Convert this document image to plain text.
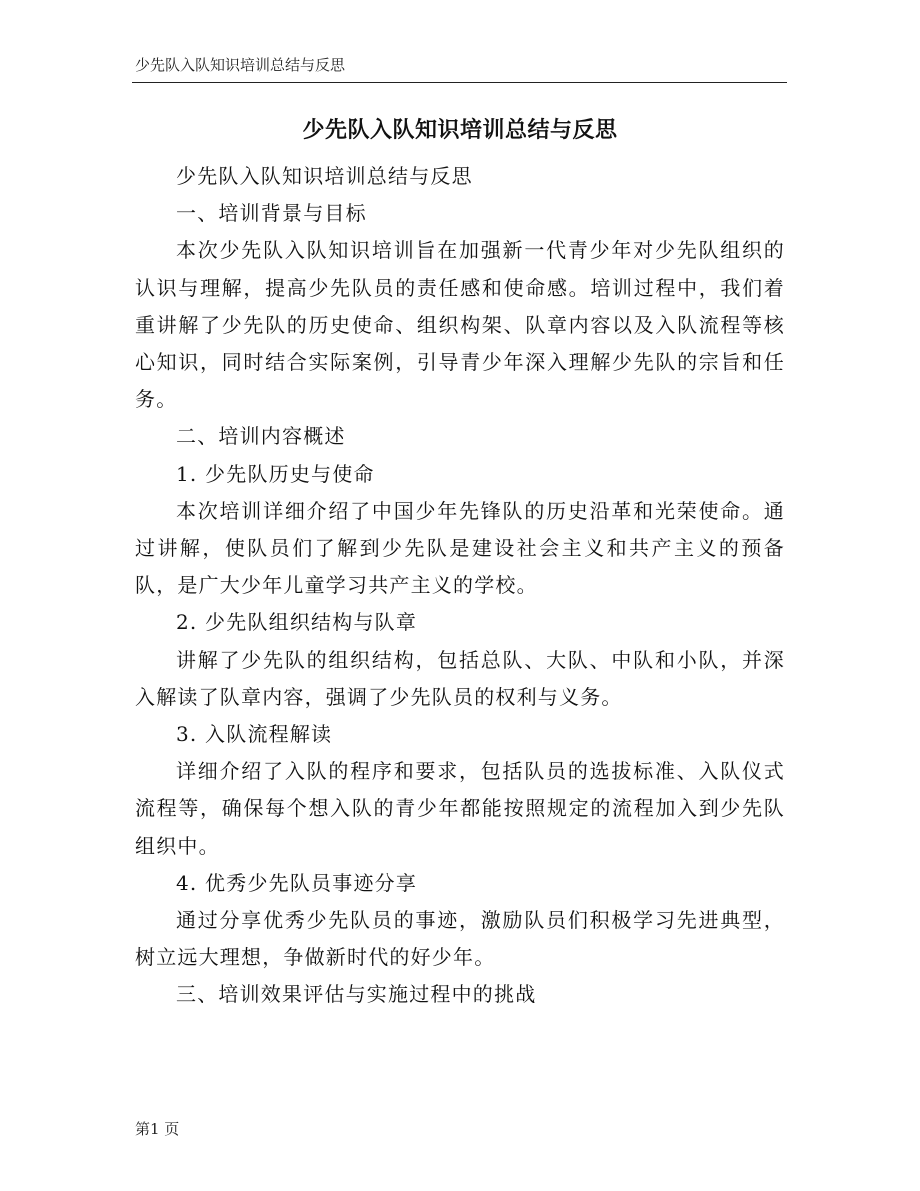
少先队入队知识培训总结与反思
少先队入队知识培训总结与反思

少先队入队知识培训总结与反思

一、培训背景与目标

本次少先队入队知识培训旨在加强新一代青少年对少先队组织的认识与理解，提高少先队员的责任感和使命感。培训过程中，我们着重讲解了少先队的历史使命、组织构架、队章内容以及入队流程等核心知识，同时结合实际案例，引导青少年深入理解少先队的宗旨和任务。

二、培训内容概述

1. 少先队历史与使命

本次培训详细介绍了中国少年先锋队的历史沿革和光荣使命。通过讲解，使队员们了解到少先队是建设社会主义和共产主义的预备队，是广大少年儿童学习共产主义的学校。

2. 少先队组织结构与队章

讲解了少先队的组织结构，包括总队、大队、中队和小队，并深入解读了队章内容，强调了少先队员的权利与义务。

3. 入队流程解读

详细介绍了入队的程序和要求，包括队员的选拔标准、入队仪式流程等，确保每个想入队的青少年都能按照规定的流程加入到少先队组织中。

4. 优秀少先队员事迹分享

通过分享优秀少先队员的事迹，激励队员们积极学习先进典型，树立远大理想，争做新时代的好少年。

三、培训效果评估与实施过程中的挑战

第1 页
